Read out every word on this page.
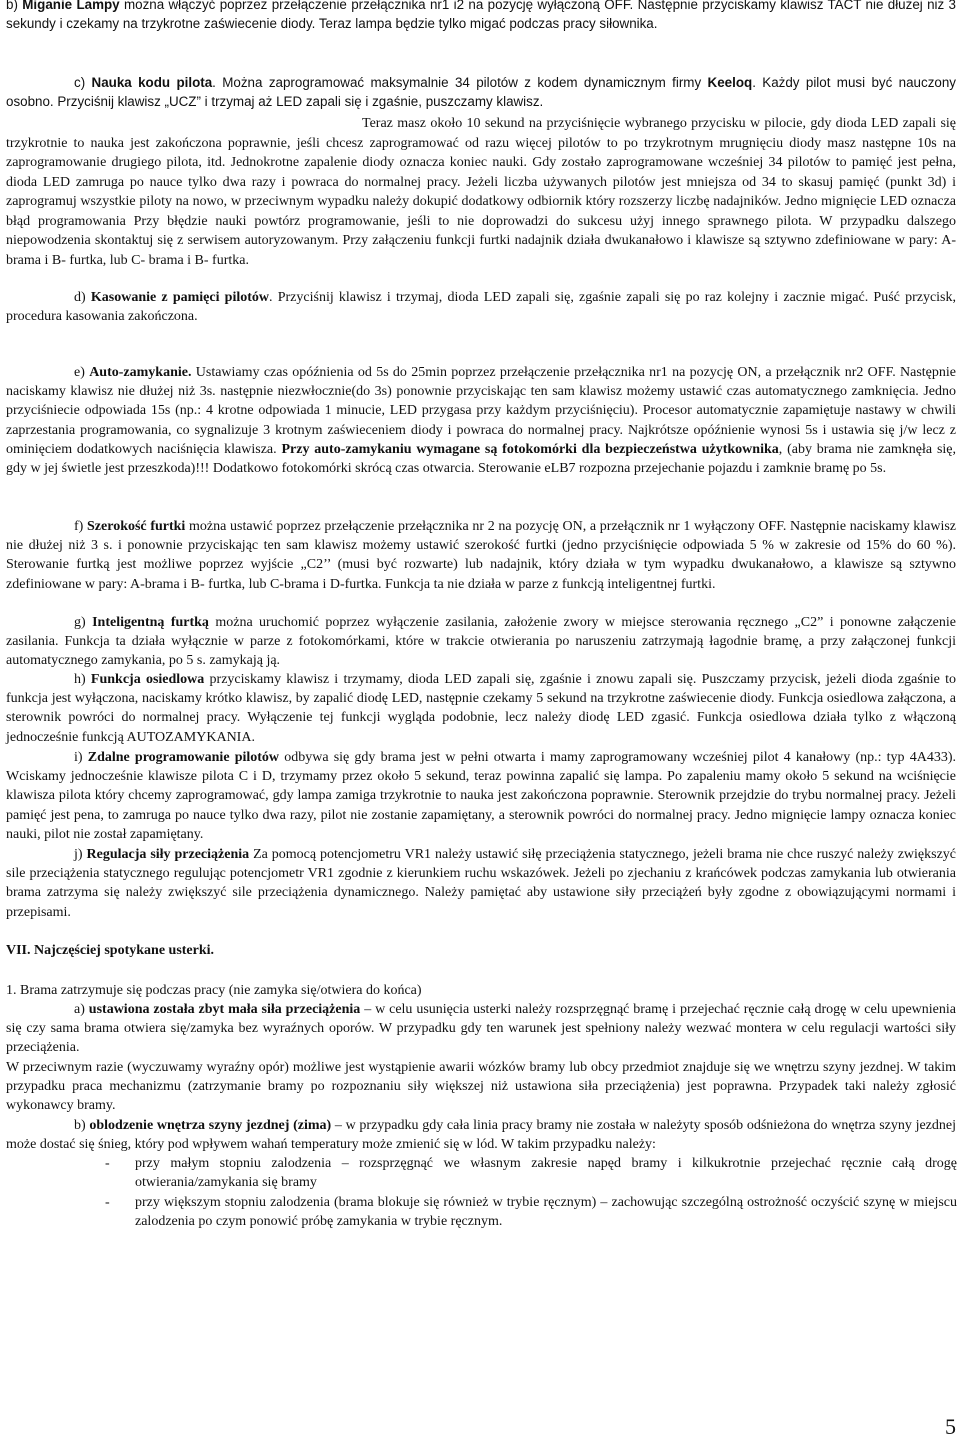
b) Miganie Lampy można włączyć poprzez przełączenie przełącznika nr1 i2 na pozycję wyłączoną OFF. Następnie przyciskamy klawisz TACT nie dłużej niż 3 sekundy i czekamy na trzykrotne zaświecenie diody. Teraz lampa będzie tylko migać podczas pracy siłownika.

c) Nauka kodu pilota. Można zaprogramować maksymalnie 34 pilotów z kodem dynamicznym firmy Keeloq. Każdy pilot musi być nauczony osobno. Przyciśnij klawisz „UCZ” i trzymaj aż LED zapali się i zgaśnie, puszczamy klawisz.

Teraz masz około 10 sekund na przyciśnięcie wybranego przycisku w pilocie, gdy dioda LED zapali się trzykrotnie to nauka jest zakończona poprawnie, jeśli chcesz zaprogramować od razu więcej pilotów to po trzykrotnym mrugnięciu diody masz następne 10s na zaprogramowanie drugiego pilota, itd. Jednokrotne zapalenie diody oznacza koniec nauki. Gdy zostało zaprogramowane wcześniej 34 pilotów to pamięć jest pełna, dioda LED zamruga po nauce tylko dwa razy i powraca do normalnej pracy. Jeżeli liczba używanych pilotów jest mniejsza od 34 to skasuj pamięć (punkt 3d) i zaprogramuj wszystkie piloty na nowo, w przeciwnym wypadku należy dokupić dodatkowy odbiornik który rozszerzy liczbę nadajników. Jedno mignięcie LED oznacza błąd programowania Przy błędzie nauki powtórz programowanie, jeśli to nie doprowadzi do sukcesu użyj innego sprawnego pilota. W przypadku dalszego niepowodzenia skontaktuj się z serwisem autoryzowanym. Przy załączeniu funkcji furtki nadajnik działa dwukanałowo i klawisze są sztywno zdefiniowane w pary: A-brama i B- furtka, lub C- brama i B- furtka.

d) Kasowanie z pamięci pilotów. Przyciśnij klawisz i trzymaj, dioda LED zapali się, zgaśnie zapali się po raz kolejny i zacznie migać. Puść przycisk, procedura kasowania zakończona.

e) Auto-zamykanie. Ustawiamy czas opóźnienia od 5s do 25min poprzez przełączenie przełącznika nr1 na pozycję ON, a przełącznik nr2 OFF. Następnie naciskamy klawisz nie dłużej niż 3s. następnie niezwłocznie(do 3s) ponownie przyciskając ten sam klawisz możemy ustawić czas automatycznego zamknięcia. Jedno przyciśniecie odpowiada 15s (np.: 4 krotne odpowiada 1 minucie, LED przygasa przy każdym przyciśnięciu). Procesor automatycznie zapamiętuje nastawy w chwili zaprzestania programowania, co sygnalizuje 3 krotnym zaświeceniem diody i powraca do normalnej pracy. Najkrótsze opóźnienie wynosi 5s i ustawia się j/w lecz z ominięciem dodatkowych naciśnięcia klawisza. Przy auto-zamykaniu wymagane są fotokomórki dla bezpieczeństwa użytkownika, (aby brama nie zamknęła się, gdy w jej świetle jest przeszkoda)!!! Dodatkowo fotokomórki skrócą czas otwarcia. Sterowanie eLB7 rozpozna przejechanie pojazdu i zamknie bramę po 5s.

f) Szerokość furtki można ustawić poprzez przełączenie przełącznika nr 2 na pozycję ON, a przełącznik nr 1 wyłączony OFF. Następnie naciskamy klawisz nie dłużej niż 3 s. i ponownie przyciskając ten sam klawisz możemy ustawić szerokość furtki (jedno przyciśnięcie odpowiada 5 % w zakresie od 15% do 60 %). Sterowanie furtką jest możliwe poprzez wyjście „C2’’ (musi być rozwarte) lub nadajnik, który działa w tym wypadku dwukanałowo, a klawisze są sztywno zdefiniowane w pary: A-brama i B- furtka, lub C-brama i D-furtka. Funkcja ta nie działa w parze z funkcją inteligentnej furtki.

g) Inteligentną furtką można uruchomić poprzez wyłączenie zasilania, założenie zwory w miejsce sterowania ręcznego „C2” i ponowne załączenie zasilania. Funkcja ta działa wyłącznie w parze z fotokomórkami, które w trakcie otwierania po naruszeniu zatrzymają łagodnie bramę, a przy załączonej funkcji automatycznego zamykania, po 5 s. zamykają ją.

h) Funkcja osiedlowa przyciskamy klawisz i trzymamy, dioda LED zapali się, zgaśnie i znowu zapali się. Puszczamy przycisk, jeżeli dioda zgaśnie to funkcja jest wyłączona, naciskamy krótko klawisz, by zapalić diodę LED, następnie czekamy 5 sekund na trzykrotne zaświecenie diody. Funkcja osiedlowa załączona, a sterownik powróci do normalnej pracy. Wyłączenie tej funkcji wygląda podobnie, lecz należy diodę LED zgasić. Funkcja osiedlowa działa tylko z włączoną jednocześnie funkcją AUTOZAMYKANIA.

i) Zdalne programowanie pilotów odbywa się gdy brama jest w pełni otwarta i mamy zaprogramowany wcześniej pilot 4 kanałowy (np.: typ 4A433). Wciskamy jednocześnie klawisze pilota C i D, trzymamy przez około 5 sekund, teraz powinna zapalić się lampa. Po zapaleniu mamy około 5 sekund na wciśnięcie klawisza pilota który chcemy zaprogramować, gdy lampa zamiga trzykrotnie to nauka jest zakończona poprawnie. Sterownik przejdzie do trybu normalnej pracy. Jeżeli pamięć jest pena, to zamruga po nauce tylko dwa razy, pilot nie zostanie zapamiętany, a sterownik powróci do normalnej pracy. Jedno mignięcie lampy oznacza koniec nauki, pilot nie został zapamiętany.

j) Regulacja siły przeciążenia Za pomocą potencjometru VR1 należy ustawić siłę przeciążenia statycznego, jeżeli brama nie chce ruszyć należy zwiększyć sile przeciążenia statycznego regulując potencjometr VR1 zgodnie z kierunkiem ruchu wskazówek. Jeżeli po zjechaniu z krańcówek podczas zamykania lub otwierania brama zatrzyma się należy zwiększyć sile przeciążenia dynamicznego. Należy pamiętać aby ustawione siły przeciążeń były zgodne z obowiązującymi normami i przepisami.

VII. Najczęściej spotykane usterki.

1. Brama zatrzymuje się podczas pracy (nie zamyka się/otwiera do końca)

a) ustawiona została zbyt mała siła przeciążenia – w celu usunięcia usterki należy rozsprzęgnąć bramę i przejechać ręcznie całą drogę w celu upewnienia się czy sama brama otwiera się/zamyka bez wyraźnych oporów. W przypadku gdy ten warunek jest spełniony należy wezwać montera w celu regulacji wartości siły przeciążenia.

W przeciwnym razie (wyczuwamy wyraźny opór) możliwe jest wystąpienie awarii wózków bramy lub obcy przedmiot znajduje się we wnętrzu szyny jezdnej. W takim przypadku praca mechanizmu (zatrzymanie bramy po rozpoznaniu siły większej niż ustawiona siła przeciążenia) jest poprawna. Przypadek taki należy zgłosić wykonawcy bramy.

b) oblodzenie wnętrza szyny jezdnej (zima) – w przypadku gdy cała linia pracy bramy nie została w należyty sposób odśnieżona do wnętrza szyny jezdnej może dostać się śnieg, który pod wpływem wahań temperatury może zmienić się w lód. W takim przypadku należy:

- przy małym stopniu zalodzenia – rozsprzęgnąć we własnym zakresie napęd bramy i kilkukrotnie przejechać ręcznie całą drogę otwierania/zamykania się bramy
- przy większym stopniu zalodzenia (brama blokuje się również w trybie ręcznym) – zachowując szczególną ostrożność oczyścić szynę w miejscu zalodzenia po czym ponowić próbę zamykania w trybie ręcznym.
5
